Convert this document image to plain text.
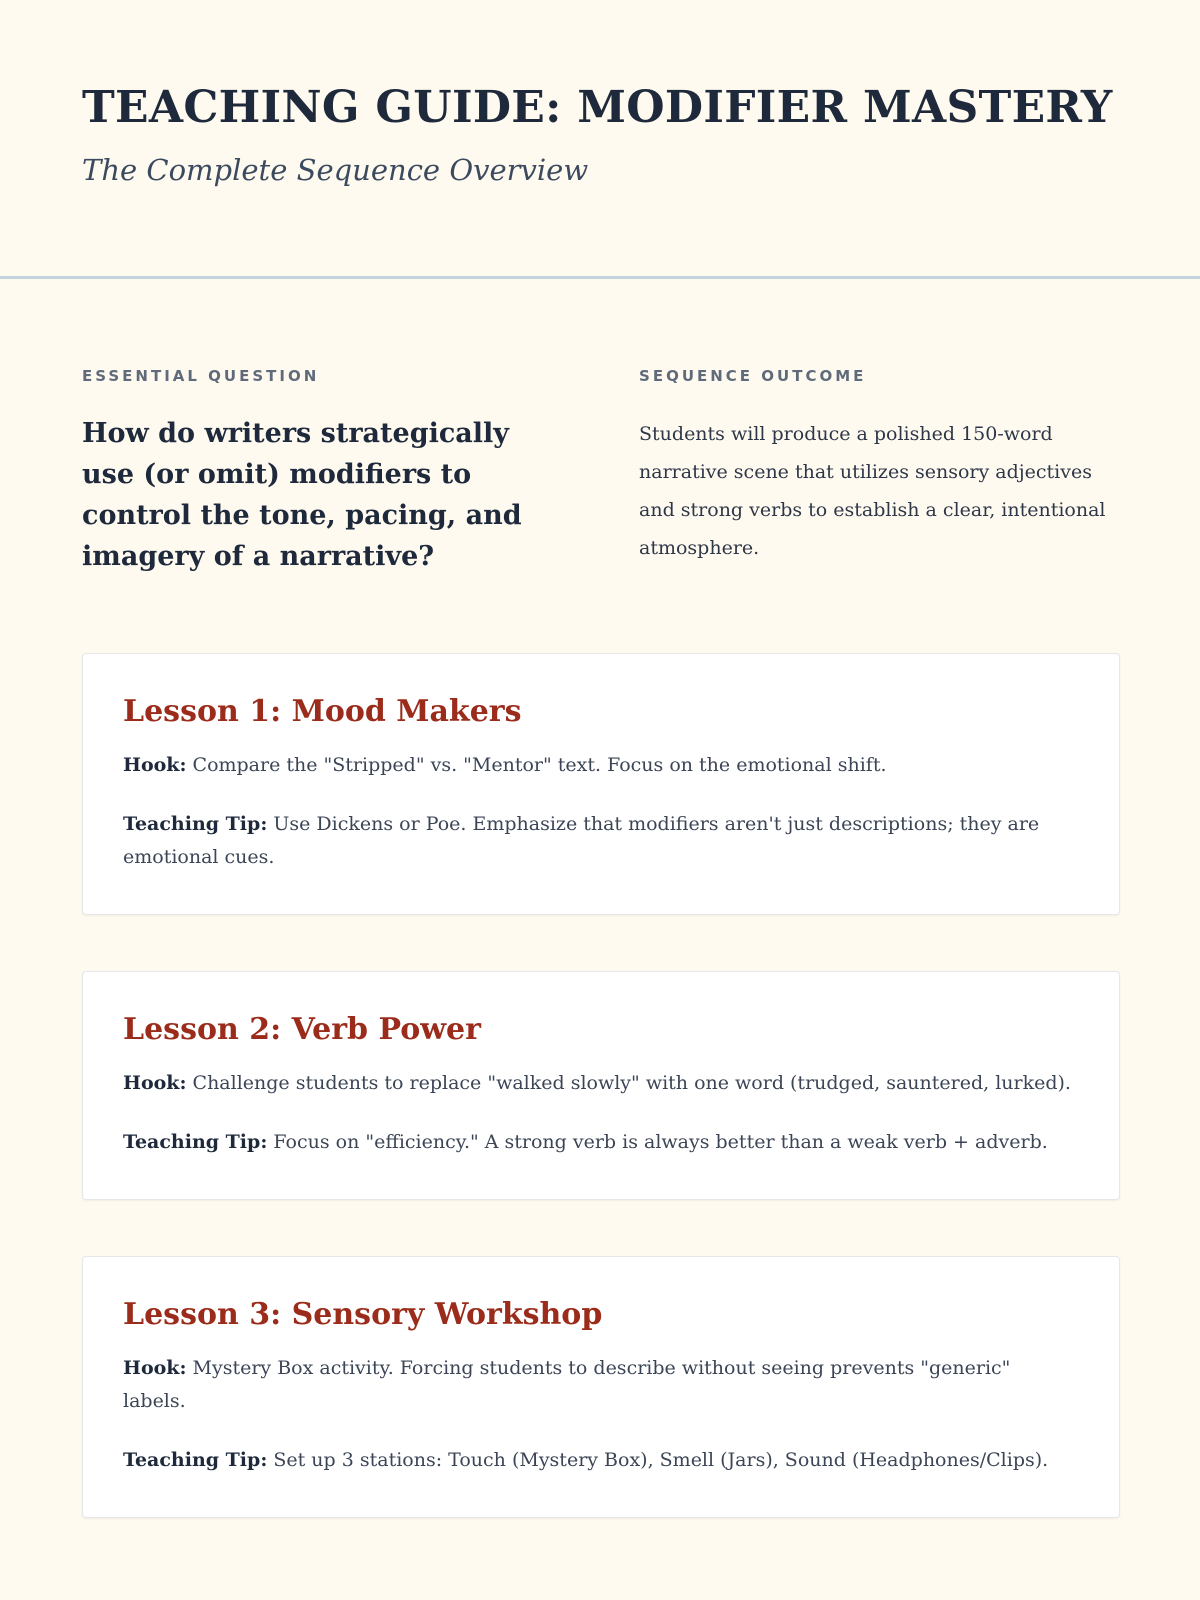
TEACHING GUIDE: MODIFIER MASTERY

The Complete Sequence Overview

ESSENTIAL QUESTION

How do writers strategically use (or omit) modifiers to control the tone, pacing, and imagery of a narrative?

SEQUENCE OUTCOME

Students will produce a polished 150-word narrative scene that utilizes sensory adjectives and strong verbs to establish a clear, intentional atmosphere.

Lesson 1: Mood Makers

Hook: Compare the "Stripped" vs. "Mentor" text. Focus on the emotional shift.

Teaching Tip: Use Dickens or Poe. Emphasize that modifiers aren't just descriptions; they are emotional cues.

Lesson 2: Verb Power

Hook: Challenge students to replace "walked slowly" with one word (trudged, sauntered, lurked).

Teaching Tip: Focus on "efficiency." A strong verb is always better than a weak verb + adverb.

Lesson 3: Sensory Workshop

Hook: Mystery Box activity. Forcing students to describe without seeing prevents "generic" labels.

Teaching Tip: Set up 3 stations: Touch (Mystery Box), Smell (Jars), Sound (Headphones/Clips).
